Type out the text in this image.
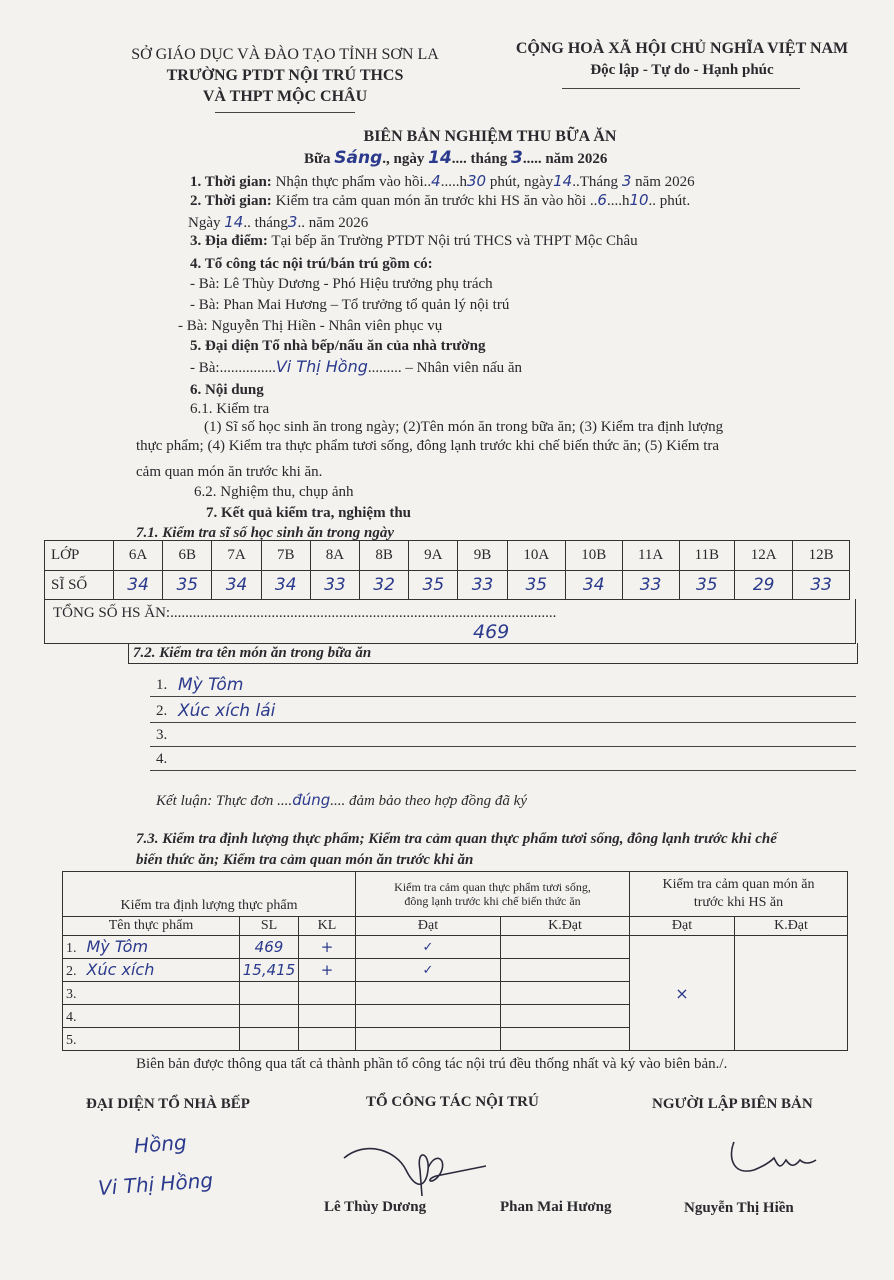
SỞ GIÁO DỤC VÀ ĐÀO TẠO TỈNH SƠN LA
TRƯỜNG PTDT NỘI TRÚ THCS
VÀ THPT MỘC CHÂU
CỘNG HOÀ XÃ HỘI CHỦ NGHĨA VIỆT NAM
Độc lập - Tự do - Hạnh phúc
BIÊN BẢN NGHIỆM THU BỮA ĂN
Bữa Sáng., ngày 14.... tháng 3..... năm 2026
1. Thời gian: Nhận thực phẩm vào hồi..4.....h30 phút, ngày14..Tháng 3 năm 2026
2. Thời gian: Kiểm tra cảm quan món ăn trước khi HS ăn vào hồi ..6....h10.. phút.
Ngày 14.. tháng3.. năm 2026
3. Địa điểm: Tại bếp ăn Trường PTDT Nội trú THCS và THPT Mộc Châu
4. Tổ công tác nội trú/bán trú gồm có:
- Bà: Lê Thùy Dương - Phó Hiệu trưởng phụ trách
- Bà: Phan Mai Hương – Tổ trưởng tổ quản lý nội trú
- Bà: Nguyễn Thị Hiền - Nhân viên phục vụ
5. Đại diện Tổ nhà bếp/nấu ăn của nhà trường
- Bà:...............Vi Thị Hồng......... – Nhân viên nấu ăn
6. Nội dung
6.1. Kiểm tra
(1) Sĩ số học sinh ăn trong ngày; (2)Tên món ăn trong bữa ăn; (3) Kiểm tra định lượng
thực phẩm; (4) Kiểm tra thực phẩm tươi sống, đông lạnh trước khi chế biến thức ăn; (5) Kiểm tra
cảm quan món ăn trước khi ăn.
6.2. Nghiệm thu, chụp ảnh
7. Kết quả kiểm tra, nghiệm thu
7.1. Kiểm tra sĩ số học sinh ăn trong ngày
LỚP	6A	6B	7A	7B	8A	8B	9A	9B	10A	10B	11A	11B	12A	12B
SĨ SỐ	34	35	34	34	33	32	35	33	35	34	33	35	29	33
TỔNG SỐ HS ĂN:.......................................................................................................
469
7.2. Kiểm tra tên món ăn trong bữa ăn
1. Mỳ Tôm
2. Xúc xích lái
3.
4.
Kết luận: Thực đơn ....đúng.... đảm bảo theo hợp đồng đã ký
7.3. Kiểm tra định lượng thực phẩm; Kiểm tra cảm quan thực phẩm tươi sống, đông lạnh trước khi chế
biến thức ăn; Kiểm tra cảm quan món ăn trước khi ăn
Kiểm tra định lượng thực phẩm			Kiểm tra cảm quan thực phẩm tươi sống,
đông lạnh trước khi chế biến thức ăn		Kiểm tra cảm quan món ăn
trước khi HS ăn	
Tên thực phẩm	SL	KL	Đạt	K.Đạt	Đạt	K.Đạt
1. Mỳ Tôm	469	+	✓		×	
2. Xúc xích	15,415	+	✓			
3.						
4.						
5.						
Biên bản được thông qua tất cả thành phần tổ công tác nội trú đều thống nhất và ký vào biên bản./.
ĐẠI DIỆN TỔ NHÀ BẾP	TỔ CÔNG TÁC NỘI TRÚ	NGƯỜI LẬP BIÊN BẢN
Hồng
Vi Thị Hồng
Lê Thùy Dương	Phan Mai Hương	Nguyễn Thị Hiền
